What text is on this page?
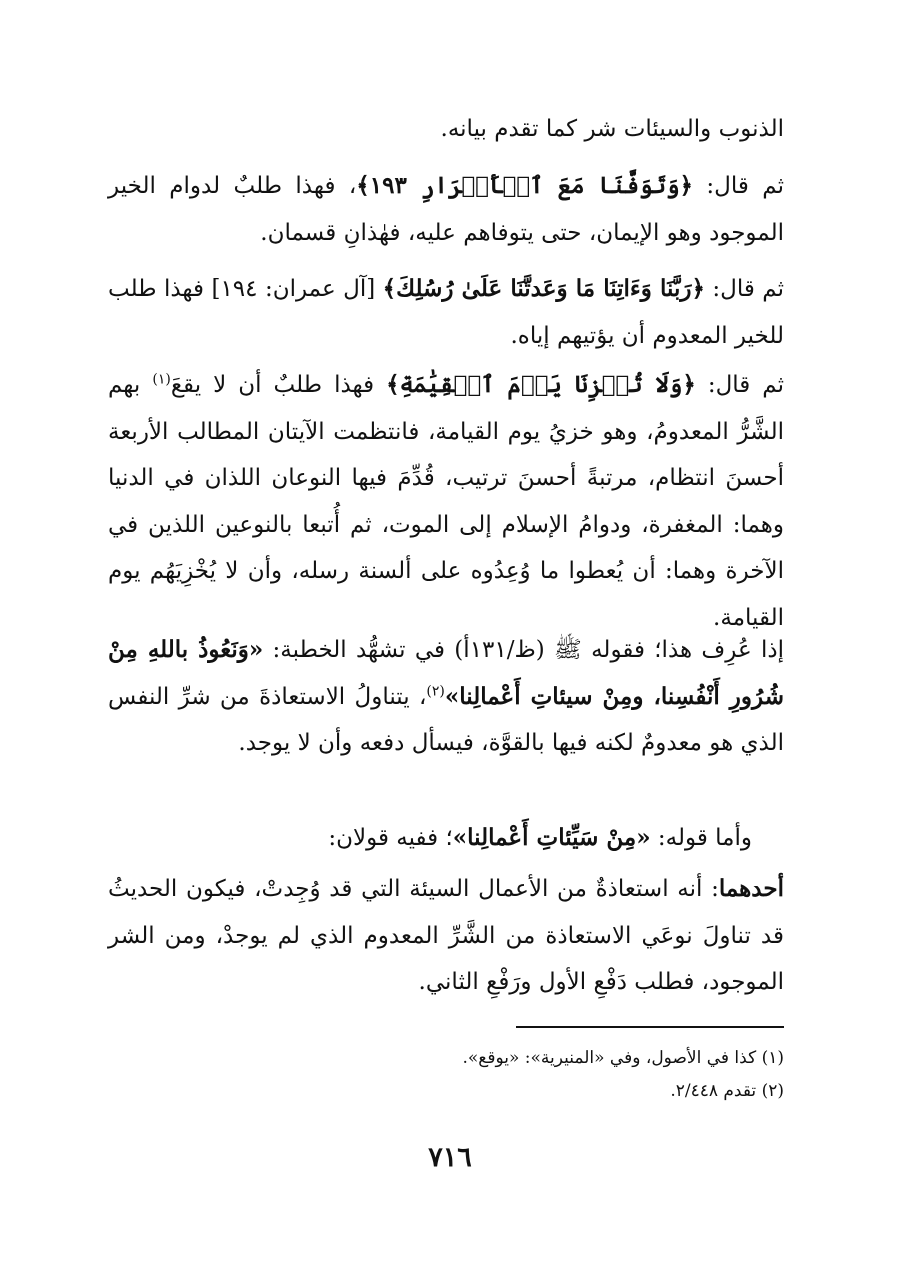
الذنوب والسيئات شر كما تقدم بيانه.

ثم قال: ﴿وَتَوَفَّنَا مَعَ ٱلۡأَبۡرَارِ ١٩٣﴾، فهذا طلبٌ لدوام الخير الموجود وهو الإيمان، حتى يتوفاهم عليه، فهٰذانِ قسمان.

ثم قال: ﴿رَبَّنَا وَءَاتِنَا مَا وَعَدتَّنَا عَلَىٰ رُسُلِكَ﴾ [آل عمران: ١٩٤] فهذا طلب للخير المعدوم أن يؤتيهم إياه.

ثم قال: ﴿وَلَا تُخۡزِنَا يَوۡمَ ٱلۡقِيَٰمَةِ﴾ فهذا طلبٌ أن لا يقعَ$^{(١)}$ بهم الشَّرُّ المعدومُ، وهو خزيُ يوم القيامة، فانتظمت الآيتان المطالب الأربعة أحسنَ انتظام، مرتبةً أحسنَ ترتيب، قُدِّمَ فيها النوعان اللذان في الدنيا وهما: المغفرة، ودوامُ الإسلام إلى الموت، ثم أُتبعا بالنوعين اللذين في الآخرة وهما: أن يُعطوا ما وُعِدُوه على ألسنة رسله، وأن لا يُخْزِيَهُم يوم القيامة.

إذا عُرِف هذا؛ فقوله ﷺ (ظ/١٣١أ) في تشهُّد الخطبة: «وَنَعُوذُ باللهِ مِنْ شُرُورِ أَنْفُسِنا، ومِنْ سيئاتِ أَعْمالِنا»$^{(٢)}$، يتناولُ الاستعاذةَ من شرِّ النفس الذي هو معدومٌ لكنه فيها بالقوَّة، فيسأل دفعه وأن لا يوجد.

وأما قوله: «مِنْ سَيِّئاتِ أَعْمالِنا»؛ ففيه قولان:

أحدهما: أنه استعاذةٌ من الأعمال السيئة التي قد وُجِدتْ، فيكون الحديثُ قد تناولَ نوعَي الاستعاذة من الشَّرِّ المعدوم الذي لم يوجدْ، ومن الشر الموجود، فطلب دَفْعِ الأول ورَفْعِ الثاني.

(١) كذا في الأصول، وفي «المنيرية»: «يوقع».

(٢) تقدم ٢/٤٤٨.

٧١٦
